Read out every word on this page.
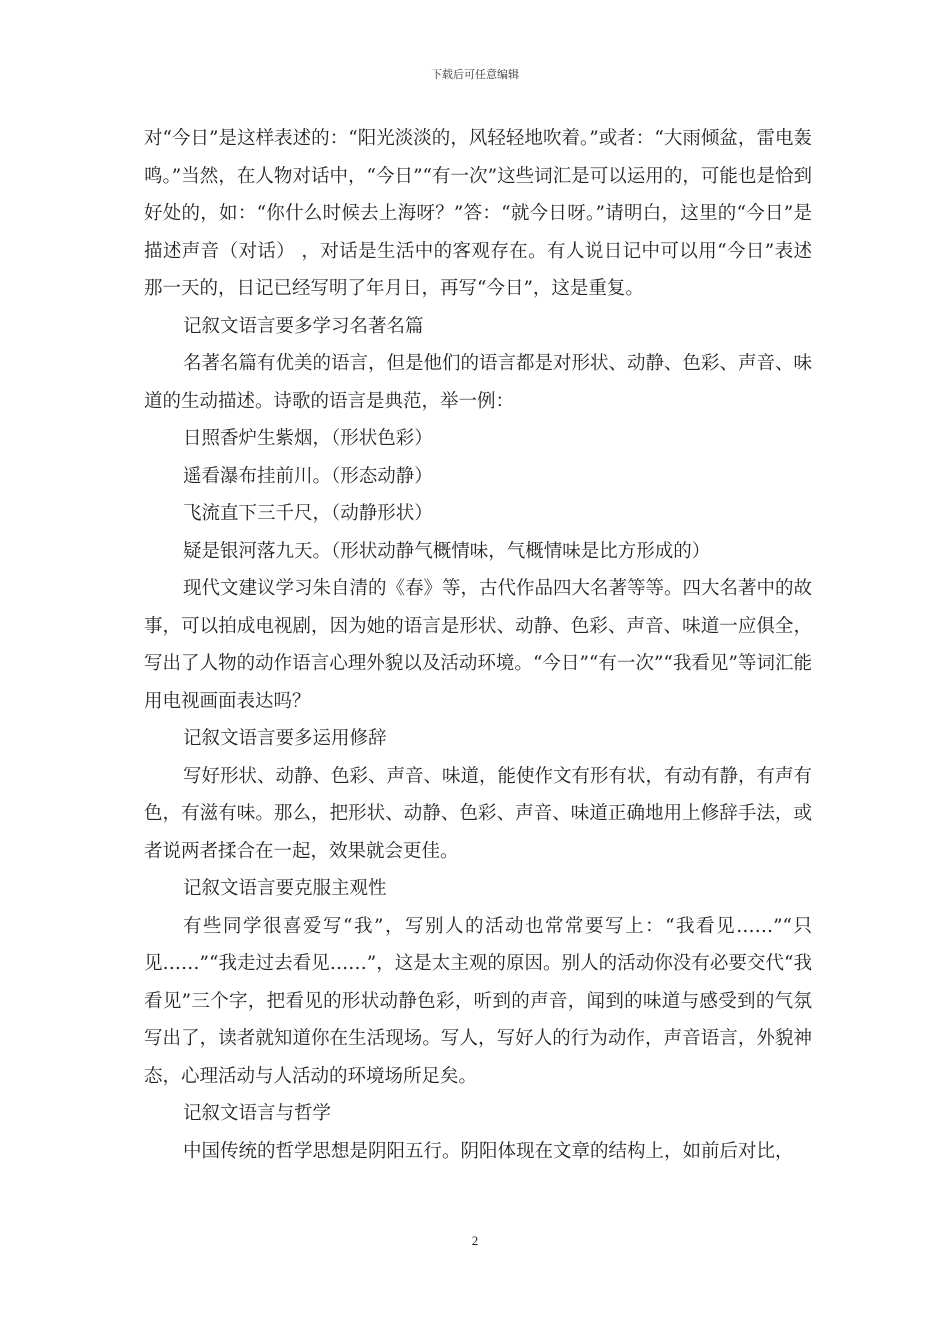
下载后可任意编辑

对“今日”是这样表述的：“阳光淡淡的，风轻轻地吹着。”或者：“大雨倾盆，雷电轰鸣。”当然，在人物对话中，“今日”“有一次”这些词汇是可以运用的，可能也是恰到好处的，如：“你什么时候去上海呀？”答：“就今日呀。”请明白，这里的“今日”是描述声音（对话） ，对话是生活中的客观存在。有人说日记中可以用“今日”表述那一天的，日记已经写明了年月日，再写“今日”，这是重复。

记叙文语言要多学习名著名篇

名著名篇有优美的语言，但是他们的语言都是对形状、动静、色彩、声音、味道的生动描述。诗歌的语言是典范，举一例：

日照香炉生紫烟，（形状色彩）

遥看瀑布挂前川。（形态动静）

飞流直下三千尺，（动静形状）

疑是银河落九天。（形状动静气概情味，气概情味是比方形成的）

现代文建议学习朱自清的《春》等，古代作品四大名著等等。四大名著中的故事，可以拍成电视剧，因为她的语言是形状、动静、色彩、声音、味道一应俱全，写出了人物的动作语言心理外貌以及活动环境。“今日”“有一次”“我看见”等词汇能用电视画面表达吗？

记叙文语言要多运用修辞

写好形状、动静、色彩、声音、味道，能使作文有形有状，有动有静，有声有色，有滋有味。那么，把形状、动静、色彩、声音、味道正确地用上修辞手法，或者说两者揉合在一起，效果就会更佳。

记叙文语言要克服主观性

有些同学很喜爱写“我”，写别人的活动也常常要写上：“我看见……”“只见……”“我走过去看见……”，这是太主观的原因。别人的活动你没有必要交代“我看见”三个字，把看见的形状动静色彩，听到的声音，闻到的味道与感受到的气氛写出了，读者就知道你在生活现场。写人，写好人的行为动作，声音语言，外貌神态，心理活动与人活动的环境场所足矣。

记叙文语言与哲学

中国传统的哲学思想是阴阳五行。阴阳体现在文章的结构上，如前后对比，

2
